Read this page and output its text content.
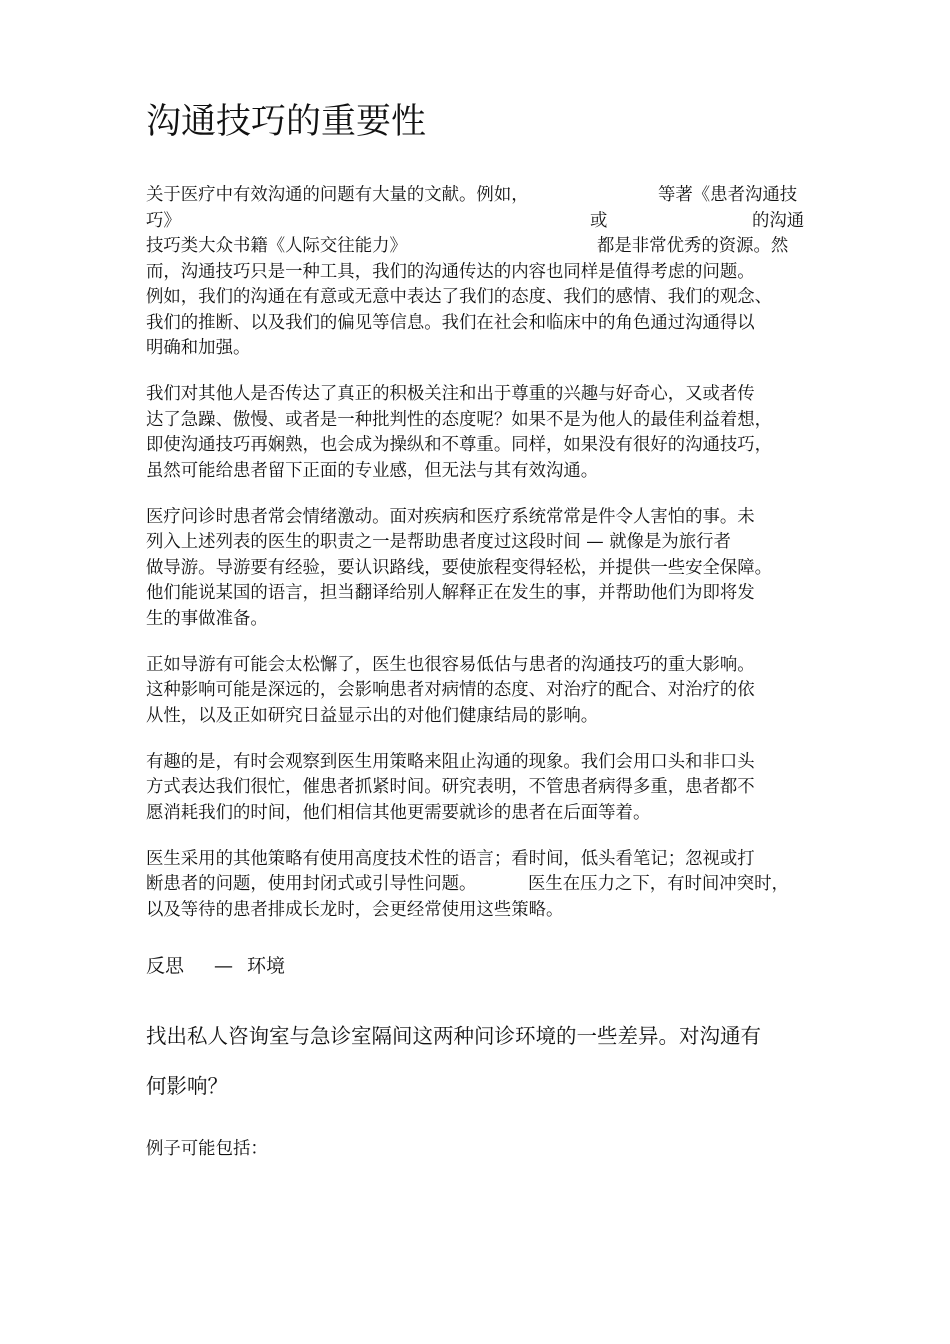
沟通技巧的重要性
关于医疗中有效沟通的问题有大量的文献。例如，	等著《患者沟通技
巧》	或	的沟通
技巧类大众书籍《人际交往能力》	都是非常优秀的资源。然
而，沟通技巧只是一种工具，我们的沟通传达的内容也同样是值得考虑的问题。
例如，我们的沟通在有意或无意中表达了我们的态度、我们的感情、我们的观念、
我们的推断、以及我们的偏见等信息。我们在社会和临床中的角色通过沟通得以
明确和加强。
我们对其他人是否传达了真正的积极关注和出于尊重的兴趣与好奇心，又或者传
达了急躁、傲慢、或者是一种批判性的态度呢？如果不是为他人的最佳利益着想，
即使沟通技巧再娴熟，也会成为操纵和不尊重。同样，如果没有很好的沟通技巧，
虽然可能给患者留下正面的专业感，但无法与其有效沟通。
医疗问诊时患者常会情绪激动。面对疾病和医疗系统常常是件令人害怕的事。未
列入上述列表的医生的职责之一是帮助患者度过这段时间 — 就像是为旅行者
做导游。导游要有经验，要认识路线，要使旅程变得轻松，并提供一些安全保障。
他们能说某国的语言，担当翻译给别人解释正在发生的事，并帮助他们为即将发
生的事做准备。
正如导游有可能会太松懈了，医生也很容易低估与患者的沟通技巧的重大影响。
这种影响可能是深远的，会影响患者对病情的态度、对治疗的配合、对治疗的依
从性，以及正如研究日益显示出的对他们健康结局的影响。
有趣的是，有时会观察到医生用策略来阻止沟通的现象。我们会用口头和非口头
方式表达我们很忙，催患者抓紧时间。研究表明，不管患者病得多重，患者都不
愿消耗我们的时间，他们相信其他更需要就诊的患者在后面等着。
医生采用的其他策略有使用高度技术性的语言；看时间，低头看笔记；忽视或打
断患者的问题，使用封闭式或引导性问题。	医生在压力之下，有时间冲突时，
以及等待的患者排成长龙时，会更经常使用这些策略。
反思 — 环境
找出私人咨询室与急诊室隔间这两种问诊环境的一些差异。对沟通有
何影响？
例子可能包括：
